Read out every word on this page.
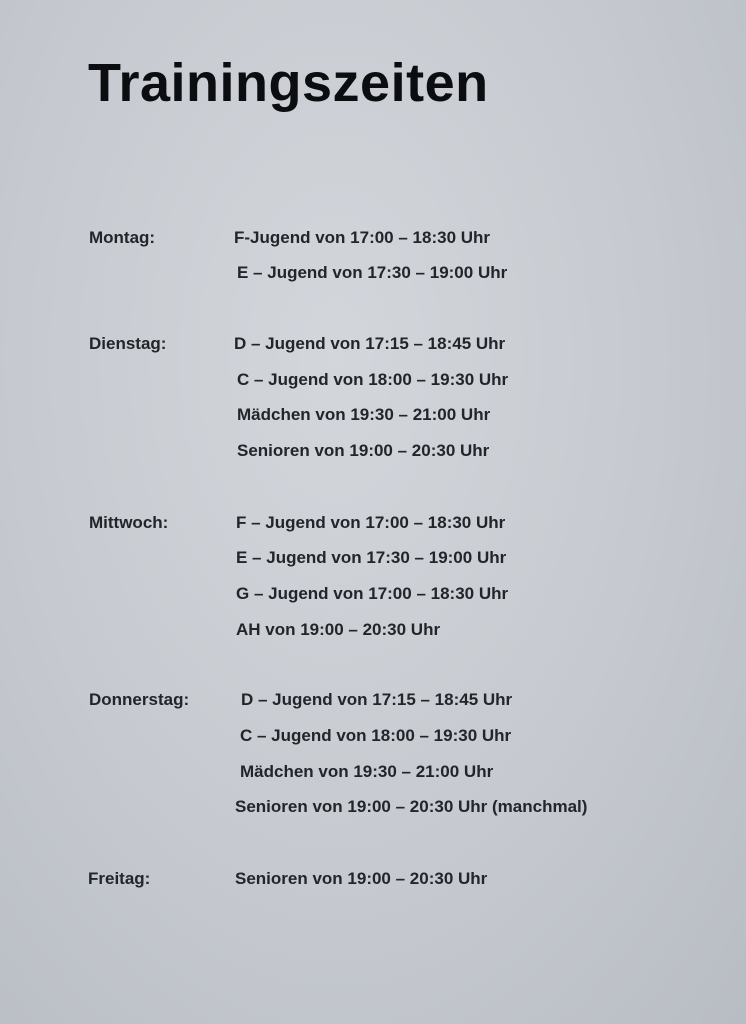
Trainingszeiten
Montag:	F-Jugend von 17:00 – 18:30 Uhr
E – Jugend von 17:30 – 19:00 Uhr
Dienstag:	D – Jugend von 17:15 – 18:45 Uhr
C – Jugend von 18:00 – 19:30 Uhr
Mädchen von 19:30 – 21:00 Uhr
Senioren von 19:00 – 20:30 Uhr
Mittwoch:	F – Jugend von 17:00 – 18:30 Uhr
E – Jugend von 17:30 – 19:00 Uhr
G – Jugend von 17:00 – 18:30 Uhr
AH von 19:00 – 20:30 Uhr
Donnerstag:	D – Jugend von 17:15 – 18:45 Uhr
C – Jugend von 18:00 – 19:30 Uhr
Mädchen von 19:30 – 21:00 Uhr
Senioren von 19:00 – 20:30 Uhr (manchmal)
Freitag:	Senioren von 19:00 – 20:30 Uhr
